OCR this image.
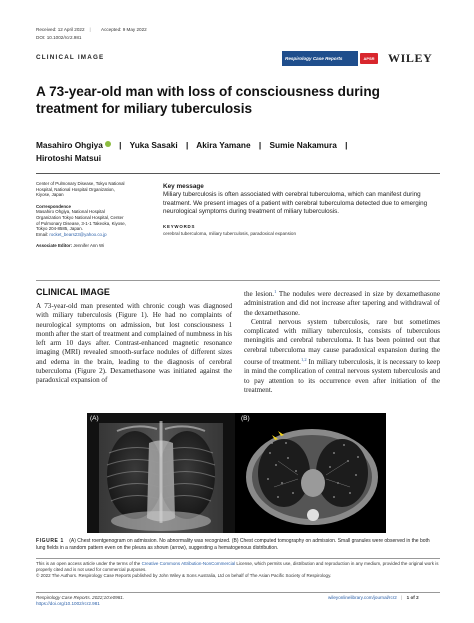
Received: 12 April 2022 | Accepted: 9 May 2022
DOI: 10.1002/rcr2.981
CLINICAL IMAGE	Respirology Case Reports	APSR WILEY
A 73-year-old man with loss of consciousness during treatment for miliary tuberculosis
Masahiro Ohgiya | Yuka Sasaki | Akira Yamane | Sumie Nakamura |
Hirotoshi Matsui
Center of Pulmonary Disease, Tokyo National Hospital, National Hospital Organization, Kiyose, Japan
Correspondence
Masahiro Ohgiya, National Hospital Organization Tokyo National Hospital, Center of Pulmonary Disease, 3-1-1 Takeoka, Kiyose, Tokyo 204-8585, Japan.
Email: rocket_bears23@yahoo.co.jp
Associate Editor: Jennifer Ann Wi
Key message
Miliary tuberculosis is often associated with cerebral tuberculoma, which can manifest during treatment. We present images of a patient with cerebral tuberculoma detected due to emerging neurological symptoms during treatment of miliary tuberculosis.
KEYWORDS
cerebral tuberculoma, miliary tuberculosis, paradoxical expansion
CLINICAL IMAGE

A 73-year-old man presented with chronic cough was diagnosed with miliary tuberculosis (Figure 1). He had no complaints of neurological symptoms on admission, but lost consciousness 1 month after the start of treatment and complained of numbness in his left arm 10 days after. Contrast-enhanced magnetic resonance imaging (MRI) revealed smooth-surface nodules of different sizes and edema in the brain, leading to the diagnosis of cerebral tuberculoma (Figure 2). Dexamethasone was initiated against the paradoxical expansion of

the lesion.$^1$ The nodules were decreased in size by dexamethasone administration and did not increase after tapering and withdrawal of the dexamethasone.

Central nervous system tuberculosis, rare but sometimes complicated with miliary tuberculosis, consists of tuberculous meningitis and cerebral tuberculoma. It has been pointed out that cerebral tuberculoma may cause paradoxical expansion during the course of treatment.$^{1,2}$ In miliary tuberculosis, it is necessary to keep in mind the complication of central nervous system tuberculosis and to pay attention to its occurrence even after initiation of the treatment.

(A)	(B)
FIGURE 1 (A) Chest roentgenogram on admission. No abnormality was recognized. (B) Chest computed tomography on admission. Small granules were observed in the both lung fields in a random pattern even on the pleura as shown (arrow), suggesting a hematogenous distribution.
This is an open access article under the terms of the Creative Commons Attribution-NonCommercial License, which permits use, distribution and reproduction in any medium, provided the original work is properly cited and is not used for commercial purposes.
© 2022 The Authors. Respirology Case Reports published by John Wiley & Sons Australia, Ltd on behalf of The Asian Pacific Society of Respirology.
Respirology Case Reports. 2022;10:e0981.
https://doi.org/10.1002/rcr2.981
wileyonlinelibrary.com/journal/rcr2 | 1 of 2
